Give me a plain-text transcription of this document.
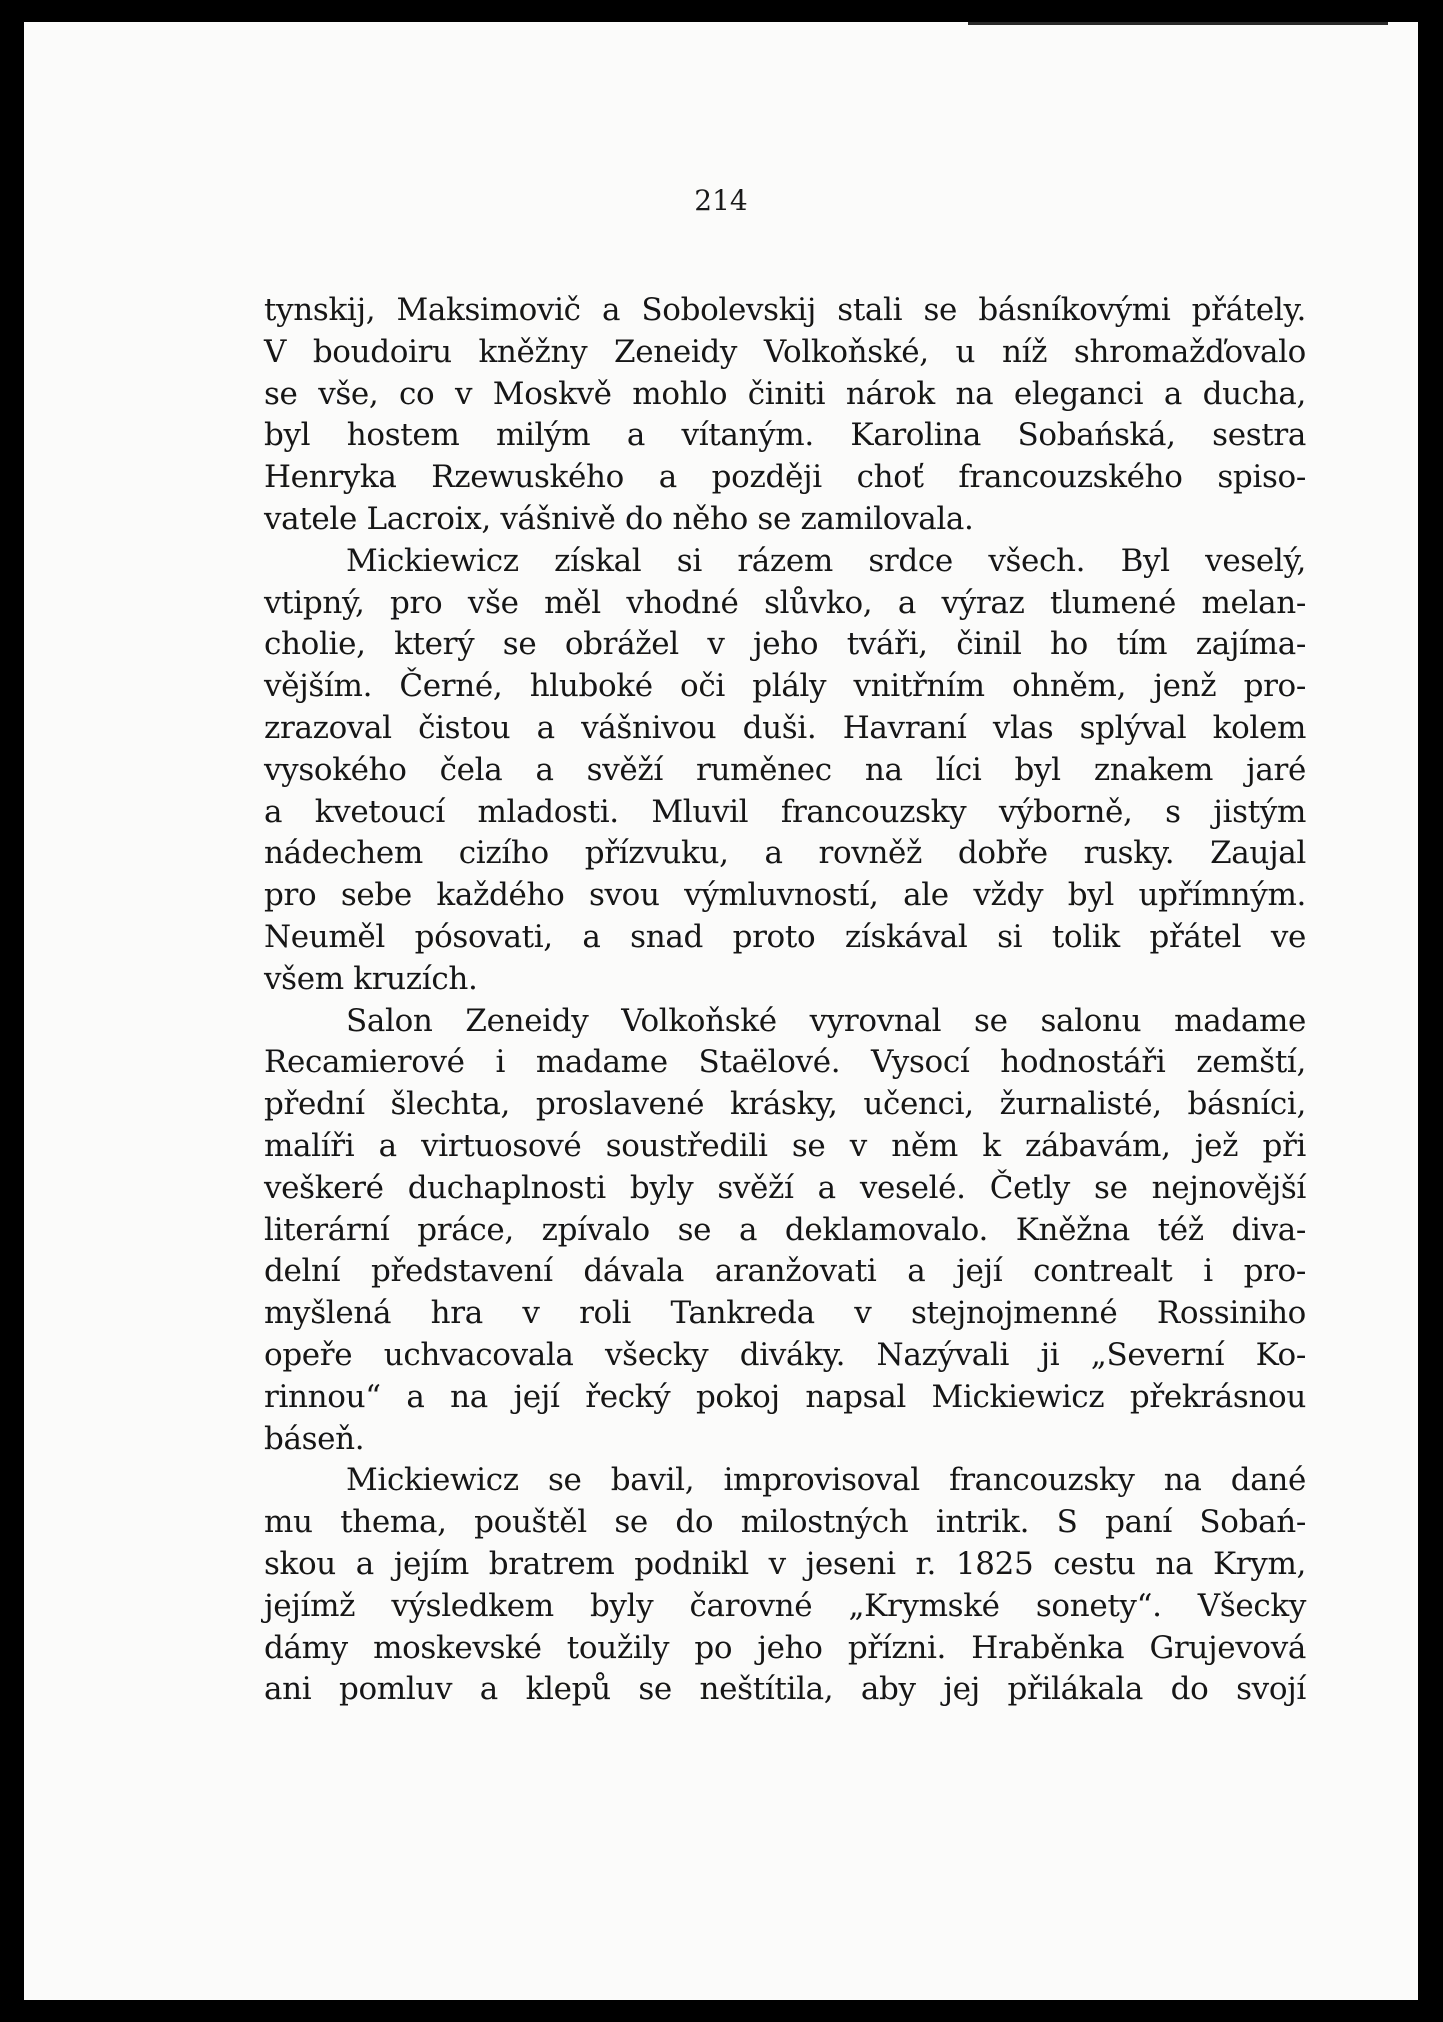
214
tynskij, Maksimovič a Sobolevskij stali se básníkovými přátely.
V boudoiru kněžny Zeneidy Volkoňské, u níž shromažďovalo
se vše, co v Moskvě mohlo činiti nárok na eleganci a ducha,
byl hostem milým a vítaným. Karolina Sobańská, sestra
Henryka Rzewuského a později choť francouzského spiso-
vatele Lacroix, vášnivě do něho se zamilovala.
Mickiewicz získal si rázem srdce všech. Byl veselý,
vtipný, pro vše měl vhodné slůvko, a výraz tlumené melan-
cholie, který se obrážel v jeho tváři, činil ho tím zajíma-
vějším. Černé, hluboké oči plály vnitřním ohněm, jenž pro-
zrazoval čistou a vášnivou duši. Havraní vlas splýval kolem
vysokého čela a svěží ruměnec na líci byl znakem jaré
a kvetoucí mladosti. Mluvil francouzsky výborně, s jistým
nádechem cizího přízvuku, a rovněž dobře rusky. Zaujal
pro sebe každého svou výmluvností, ale vždy byl upřímným.
Neuměl pósovati, a snad proto získával si tolik přátel ve
všem kruzích.
Salon Zeneidy Volkoňské vyrovnal se salonu madame
Recamierové i madame Staëlové. Vysocí hodnostáři zemští,
přední šlechta, proslavené krásky, učenci, žurnalisté, básníci,
malíři a virtuosové soustředili se v něm k zábavám, jež při
veškeré duchaplnosti byly svěží a veselé. Četly se nejnovější
literární práce, zpívalo se a deklamovalo. Kněžna též diva-
delní představení dávala aranžovati a její contrealt i pro-
myšlená hra v roli Tankreda v stejnojmenné Rossiniho
opeře uchvacovala všecky diváky. Nazývali ji „Severní Ko-
rinnou“ a na její řecký pokoj napsal Mickiewicz překrásnou
báseň.
Mickiewicz se bavil, improvisoval francouzsky na dané
mu thema, pouštěl se do milostných intrik. S paní Sobań-
skou a jejím bratrem podnikl v jeseni r. 1825 cestu na Krym,
jejímž výsledkem byly čarovné „Krymské sonety“. Všecky
dámy moskevské toužily po jeho přízni. Hraběnka Grujevová
ani pomluv a klepů se neštítila, aby jej přilákala do svojí
